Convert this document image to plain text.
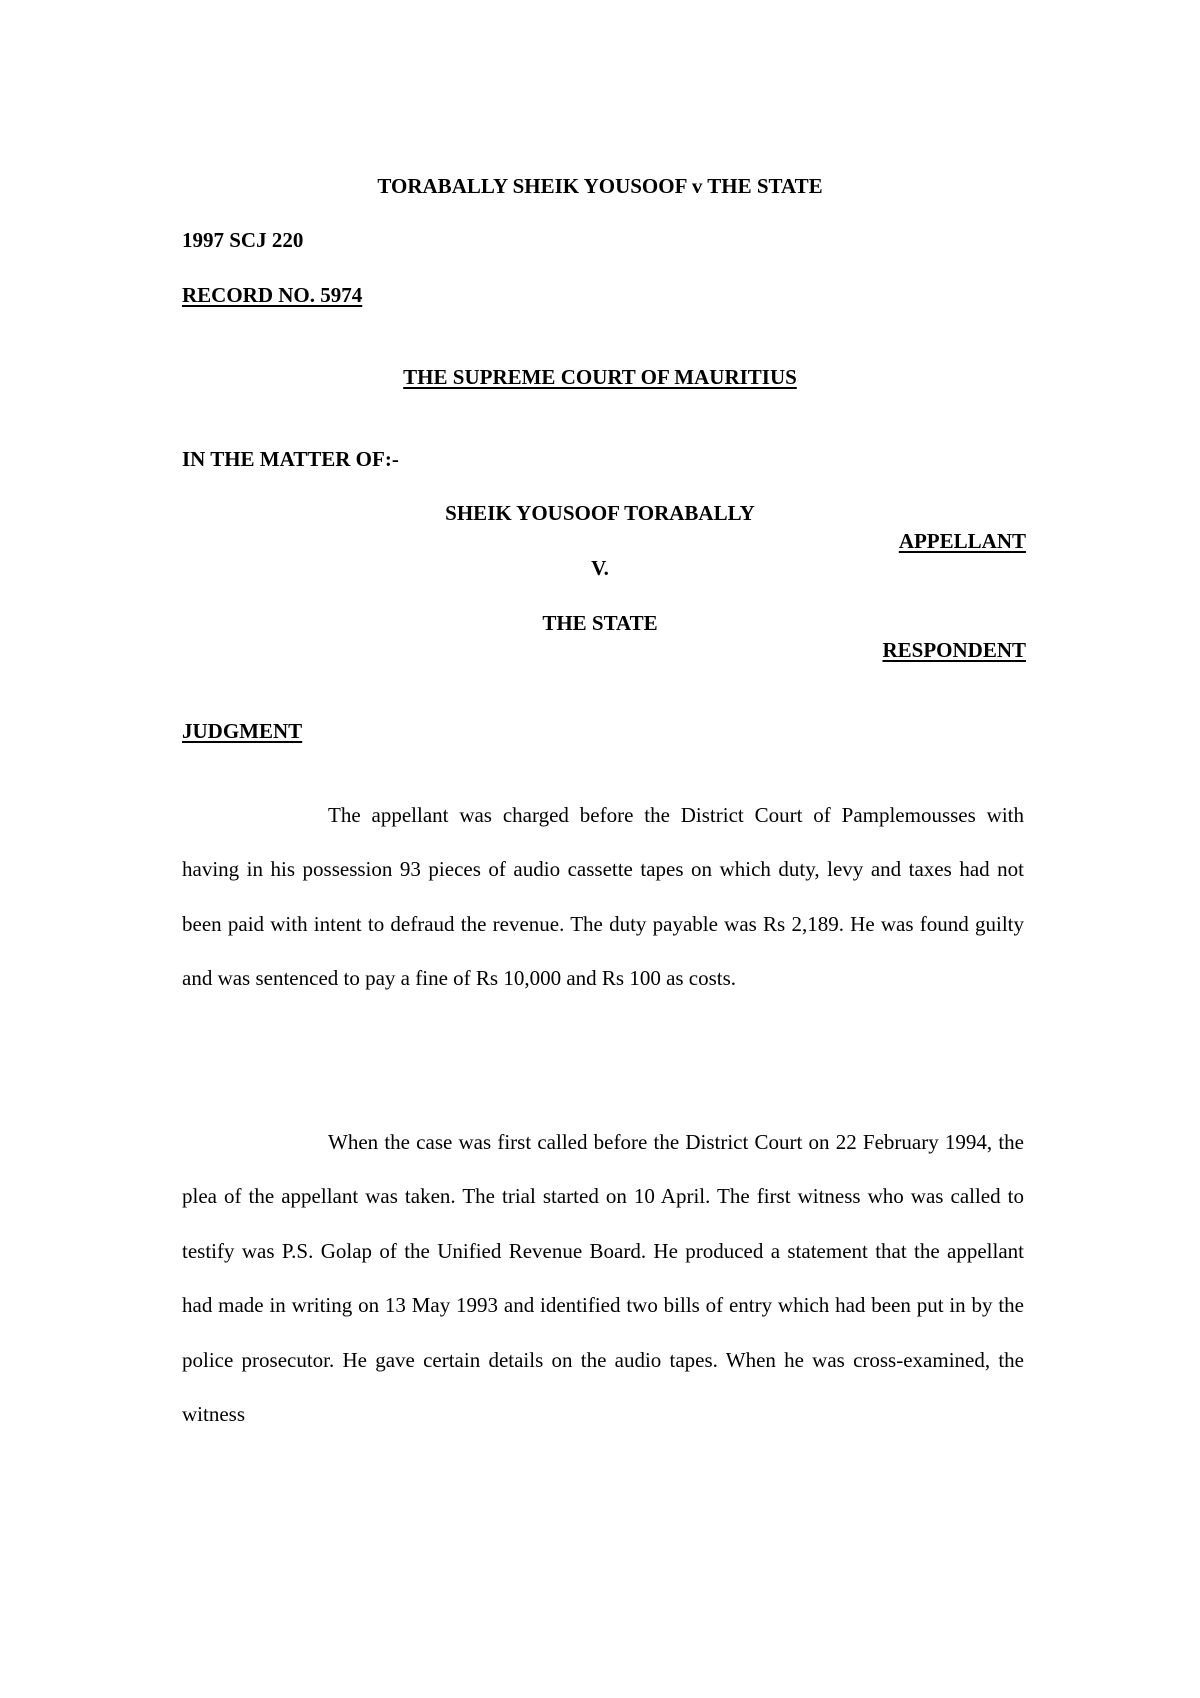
TORABALLY SHEIK YOUSOOF v THE STATE
1997 SCJ 220
RECORD NO. 5974
THE SUPREME COURT OF MAURITIUS
IN THE MATTER OF:-
SHEIK YOUSOOF TORABALLY
APPELLANT
V.
THE STATE
RESPONDENT
JUDGMENT

The appellant was charged before the District Court of Pamplemousses with having in his possession 93 pieces of audio cassette tapes on which duty, levy and taxes had not been paid with intent to defraud the revenue. The duty payable was Rs 2,189. He was found guilty and was sentenced to pay a fine of Rs 10,000 and Rs 100 as costs.

When the case was first called before the District Court on 22 February 1994, the plea of the appellant was taken. The trial started on 10 April. The first witness who was called to testify was P.S. Golap of the Unified Revenue Board. He produced a statement that the appellant had made in writing on 13 May 1993 and identified two bills of entry which had been put in by the police prosecutor. He gave certain details on the audio tapes. When he was cross-examined, the witness
